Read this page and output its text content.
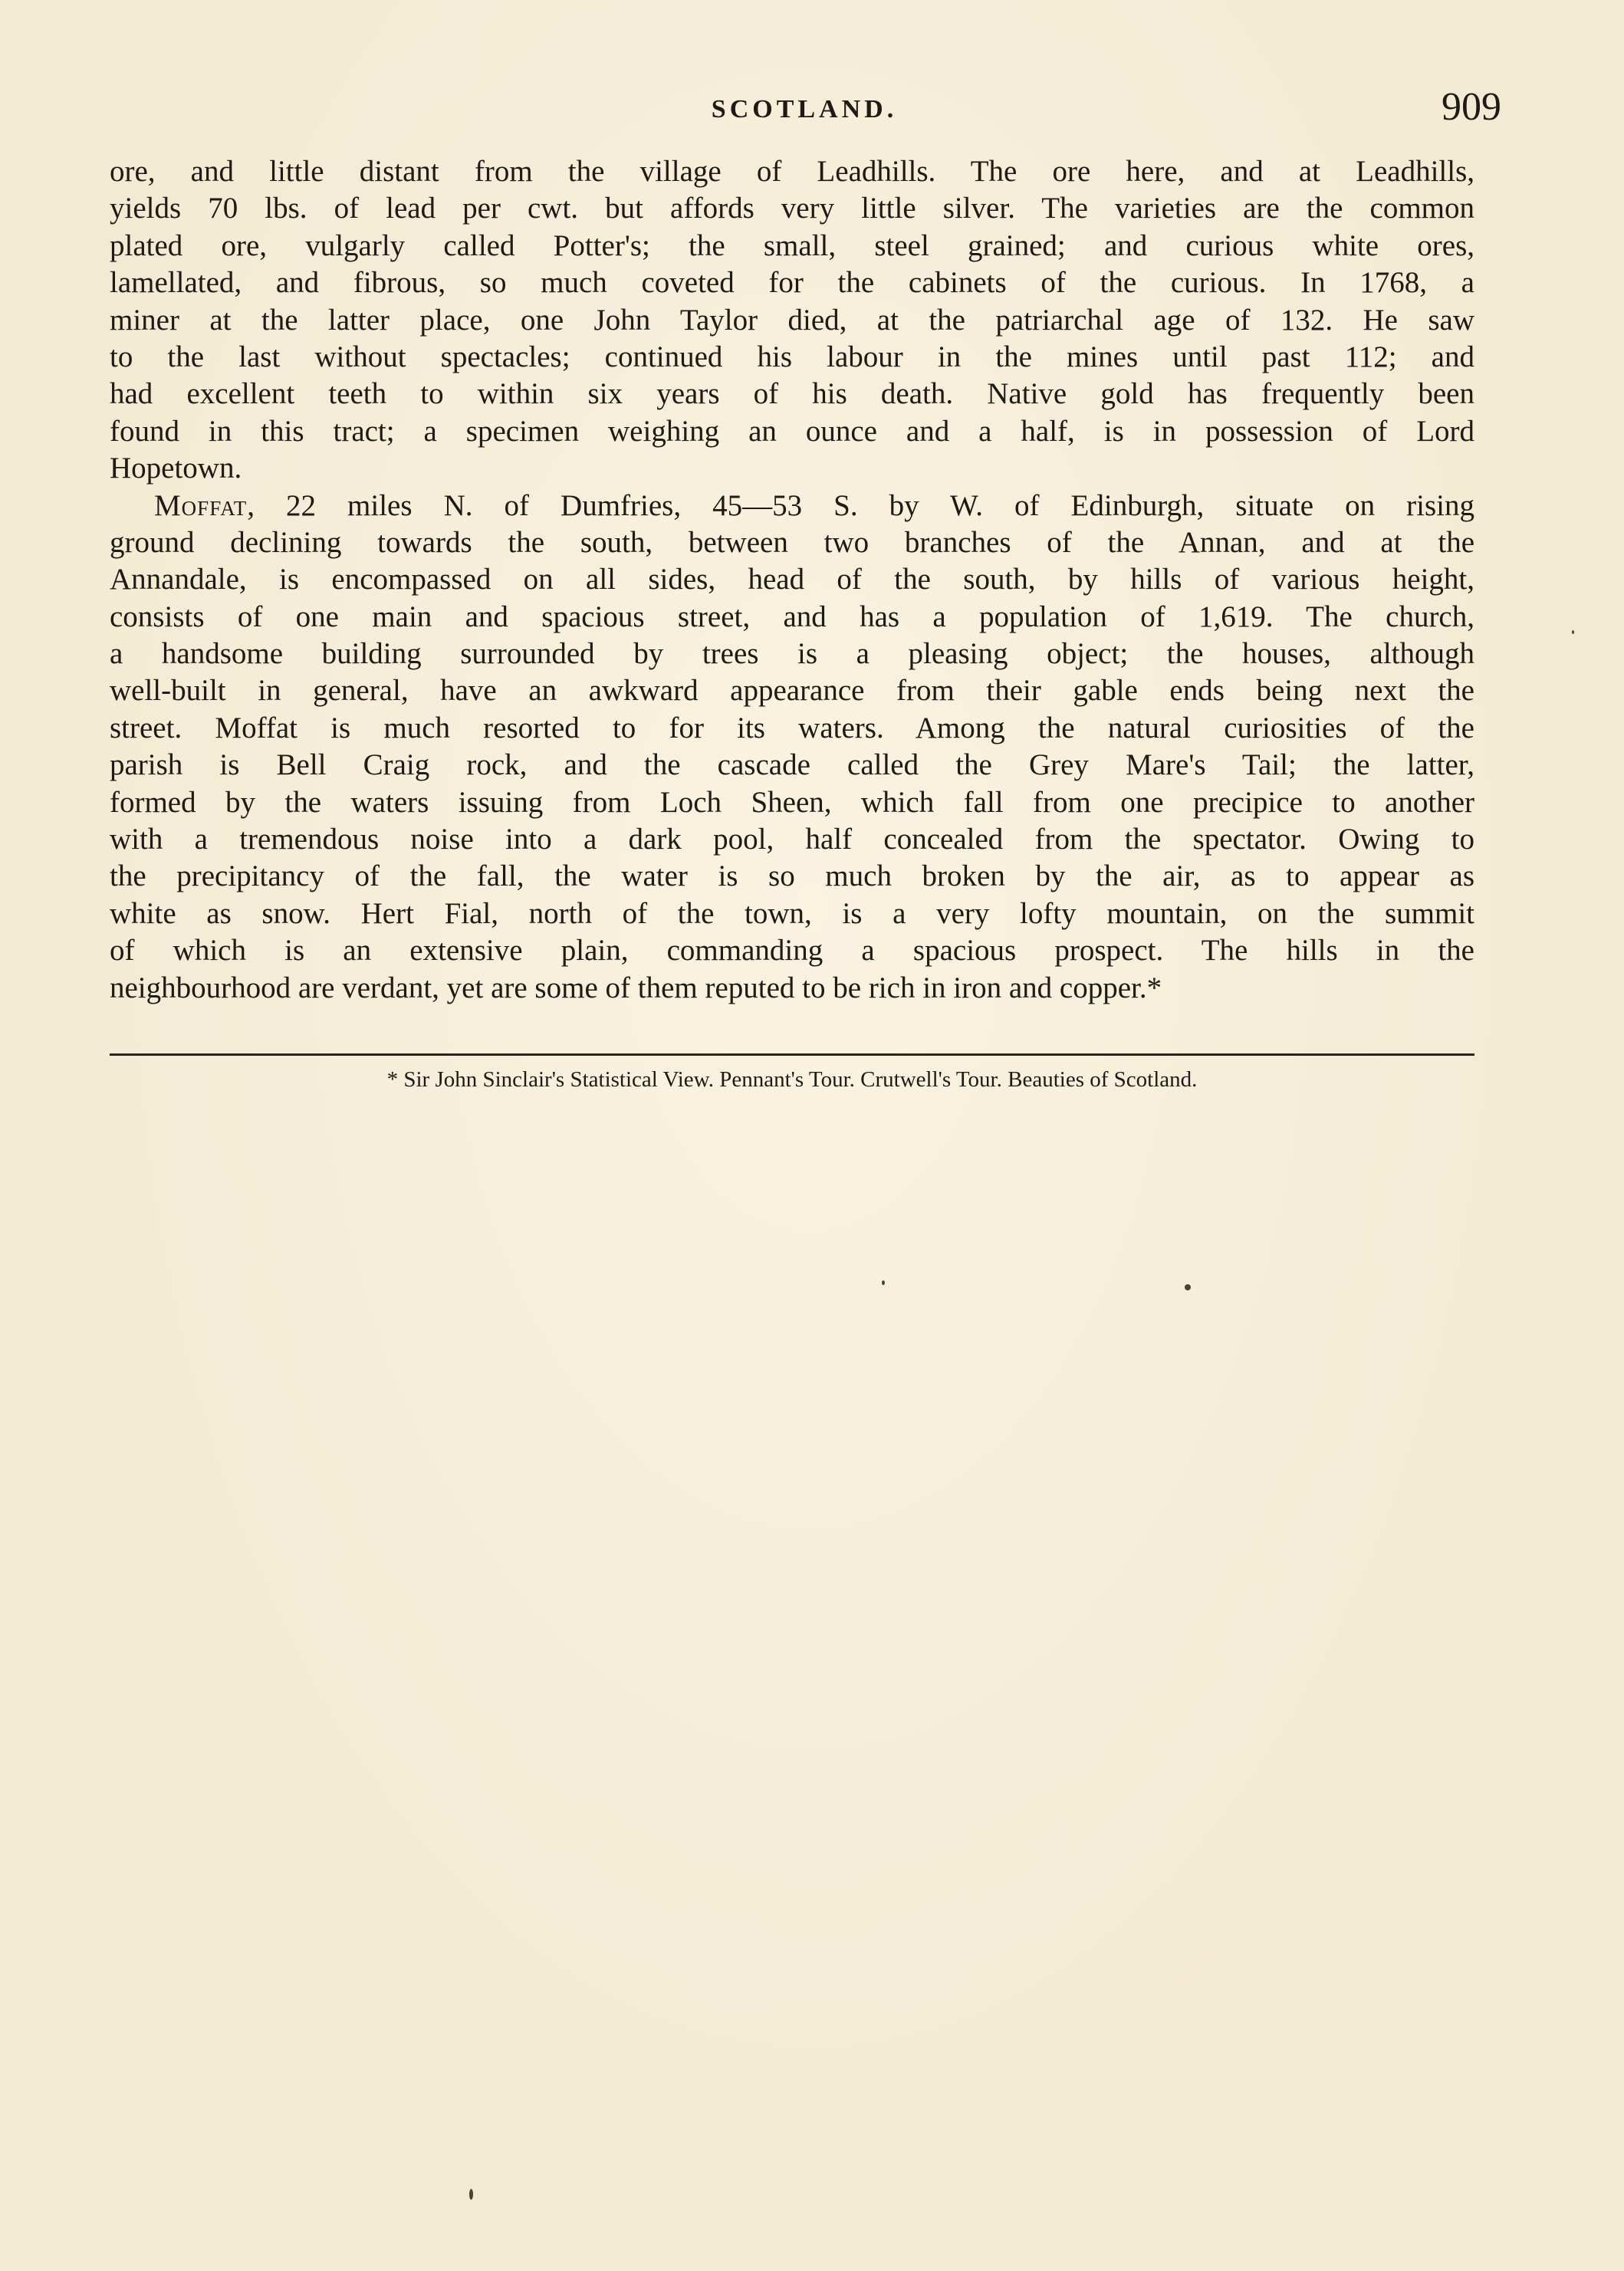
SCOTLAND.	909
ore, and little distant from the village of Leadhills. The ore here, and at Leadhills,
yields 70 lbs. of lead per cwt. but affords very little silver. The varieties are the common
plated ore, vulgarly called Potter's; the small, steel grained; and curious white ores,
lamellated, and fibrous, so much coveted for the cabinets of the curious. In 1768, a
miner at the latter place, one John Taylor died, at the patriarchal age of 132. He saw
to the last without spectacles; continued his labour in the mines until past 112; and
had excellent teeth to within six years of his death. Native gold has frequently been
found in this tract; a specimen weighing an ounce and a half, is in possession of Lord
Hopetown.
Moffat, 22 miles N. of Dumfries, 45—53 S. by W. of Edinburgh, situate on rising
ground declining towards the south, between two branches of the Annan, and at the
Annandale, is encompassed on all sides, head of the south, by hills of various height,
consists of one main and spacious street, and has a population of 1,619. The church,
a handsome building surrounded by trees is a pleasing object; the houses, although
well-built in general, have an awkward appearance from their gable ends being next the
street. Moffat is much resorted to for its waters. Among the natural curiosities of the
parish is Bell Craig rock, and the cascade called the Grey Mare's Tail; the latter,
formed by the waters issuing from Loch Sheen, which fall from one precipice to another
with a tremendous noise into a dark pool, half concealed from the spectator. Owing to
the precipitancy of the fall, the water is so much broken by the air, as to appear as
white as snow. Hert Fial, north of the town, is a very lofty mountain, on the summit
of which is an extensive plain, commanding a spacious prospect. The hills in the
neighbourhood are verdant, yet are some of them reputed to be rich in iron and copper.*
* Sir John Sinclair's Statistical View. Pennant's Tour. Crutwell's Tour. Beauties of Scotland.
